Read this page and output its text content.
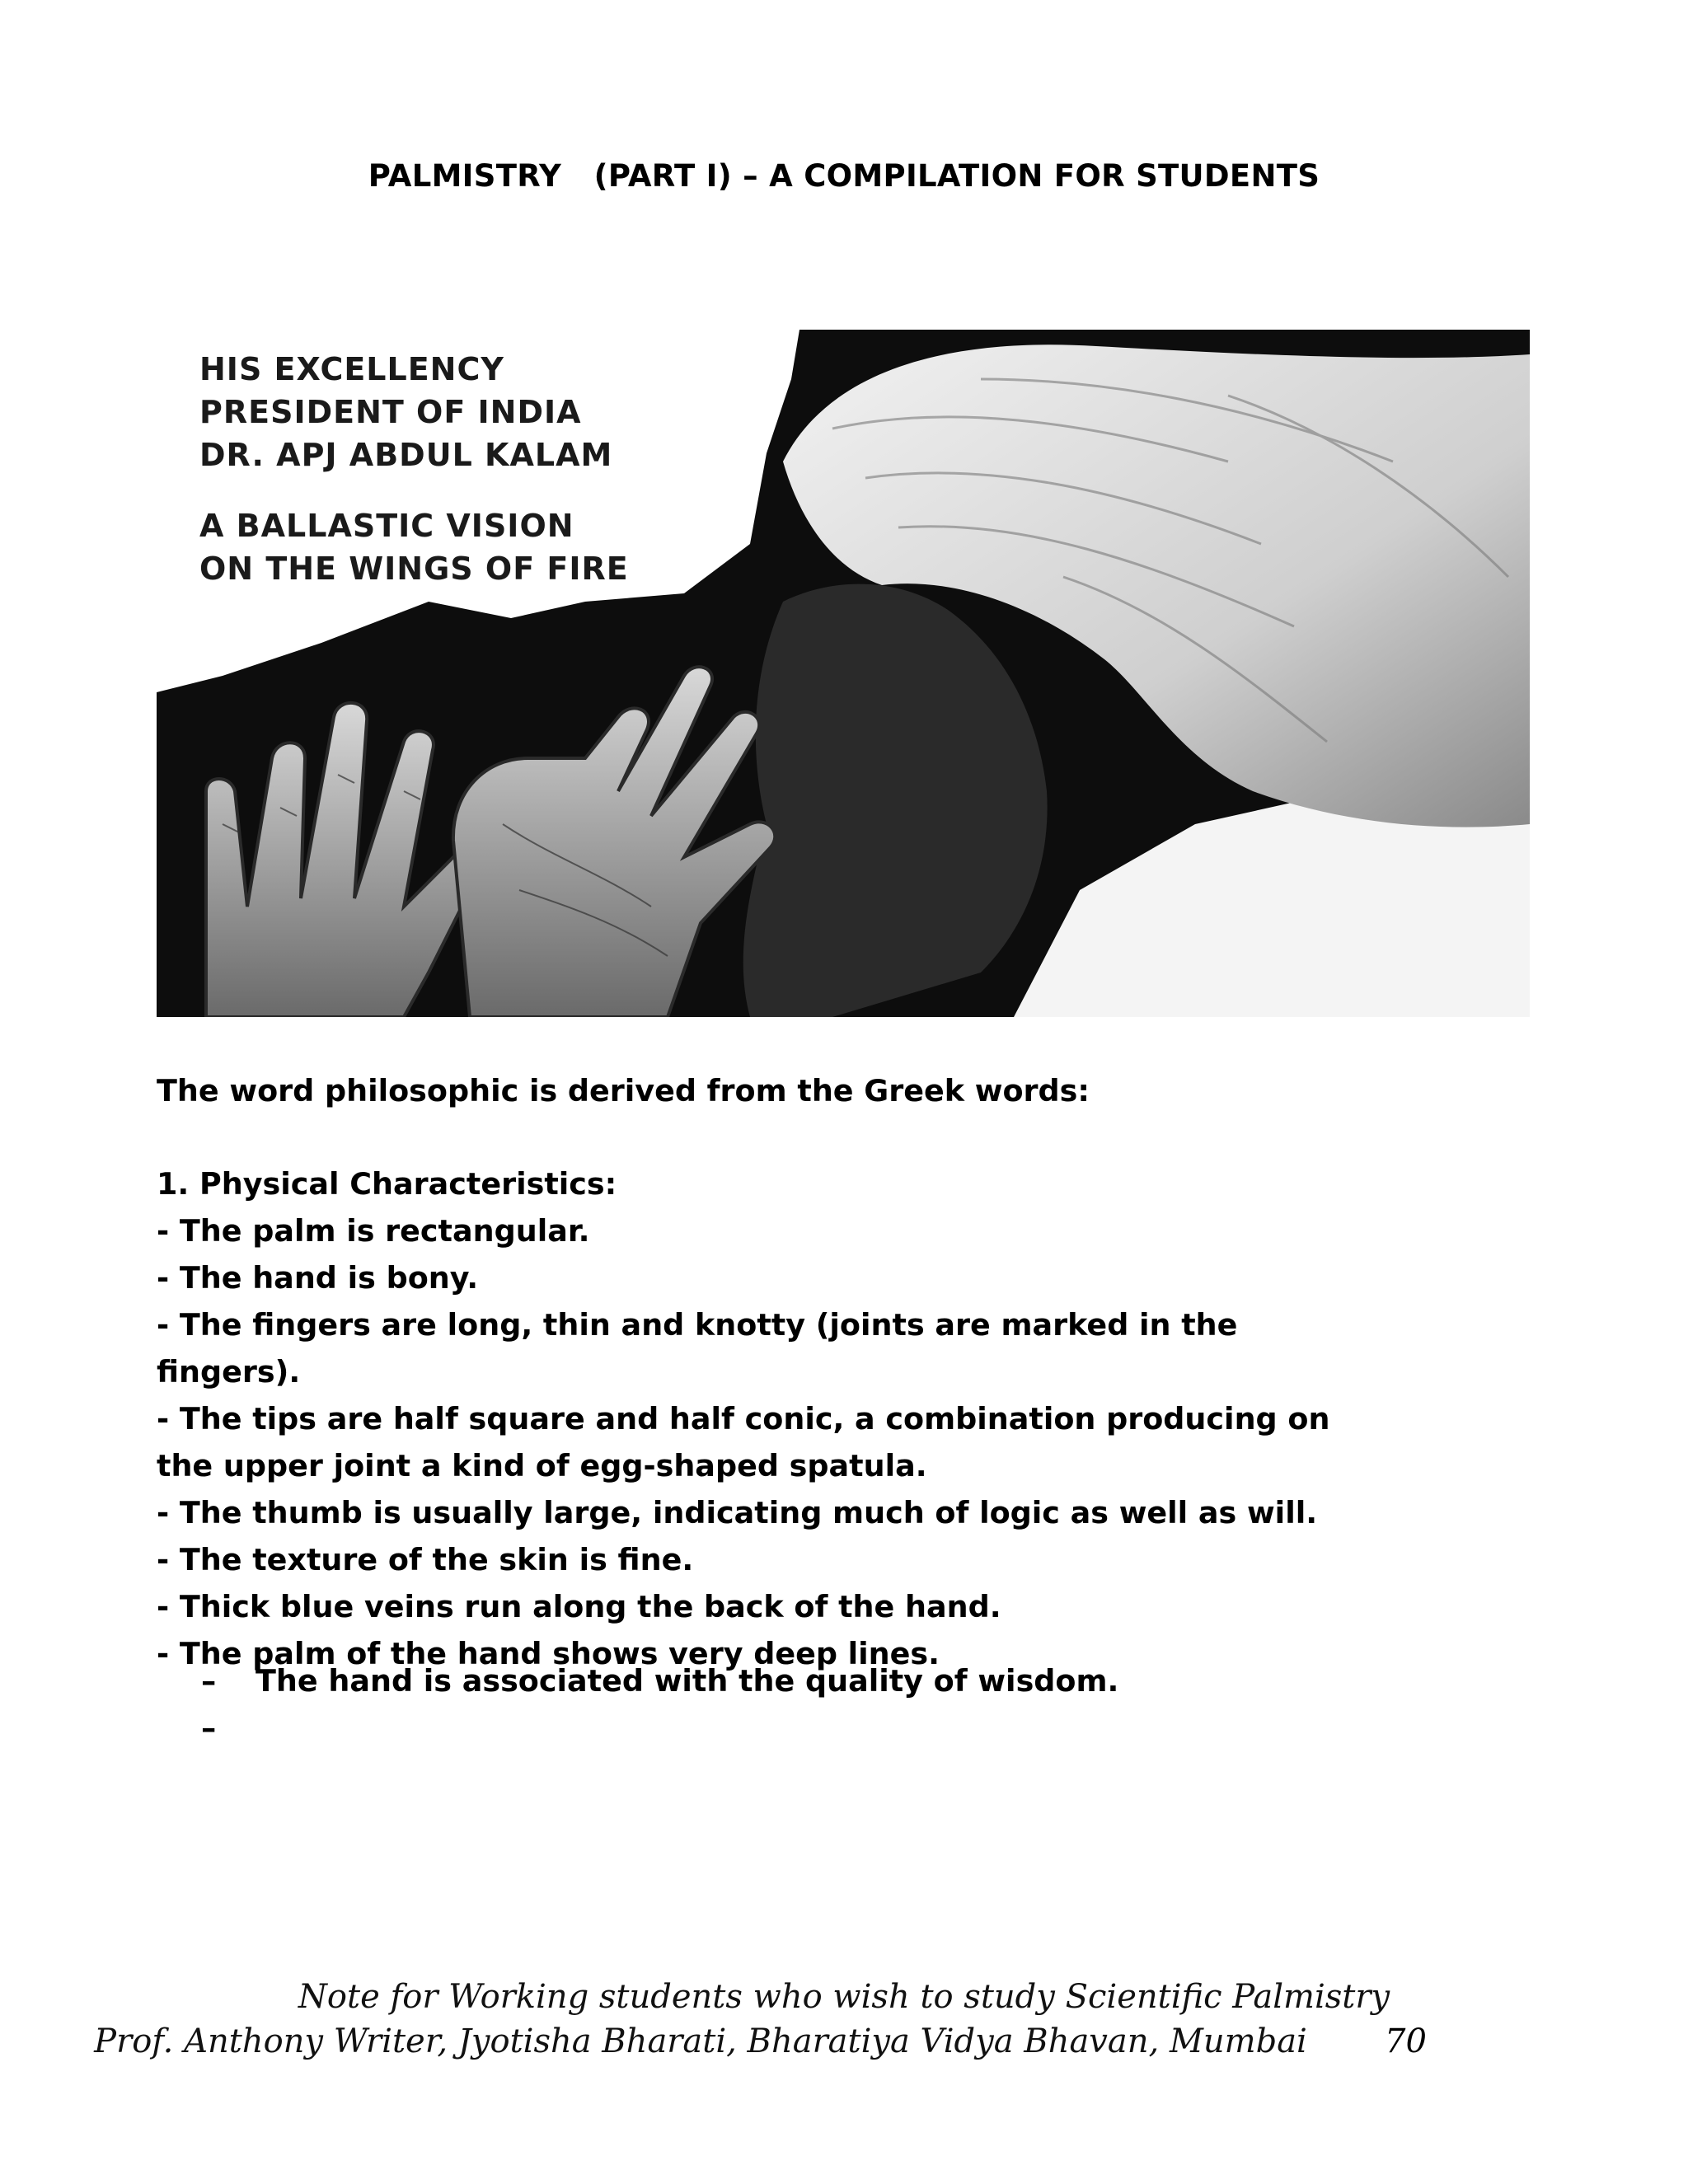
PALMISTRY   (PART I) – A COMPILATION FOR STUDENTS
HIS EXCELLENCY
PRESIDENT OF INDIA
DR. APJ ABDUL KALAM
A BALLASTIC VISION
ON THE WINGS OF FIRE
The word philosophic is derived from the Greek words:
1. Physical Characteristics:
- The palm is rectangular.
- The hand is bony.
- The fingers are long, thin and knotty (joints are marked in the
fingers).
- The tips are half square and half conic, a combination producing on
the upper joint a kind of egg-shaped spatula.
- The thumb is usually large, indicating much of logic as well as will.
- The texture of the skin is fine.
- Thick blue veins run along the back of the hand.
- The palm of the hand shows very deep lines.
– The hand is associated with the quality of wisdom.
–
Note for Working students who wish to study Scientific Palmistry
Prof. Anthony Writer, Jyotisha Bharati, Bharatiya Vidya Bhavan, Mumbai	70
